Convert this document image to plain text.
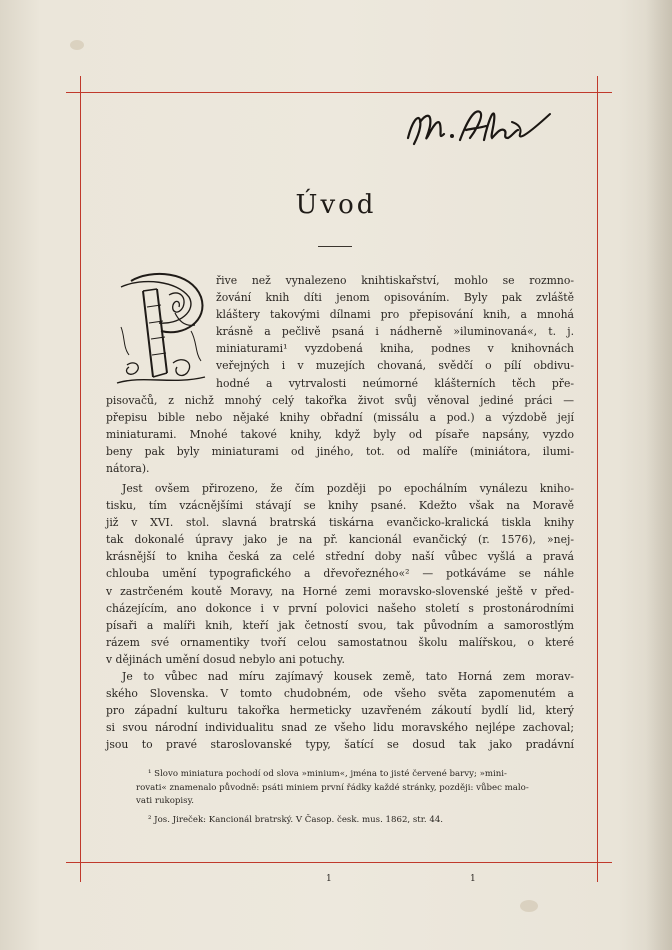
Úvod

řive než vynalezeno knihtiskařství, mohlo se rozmno-
žování knih díti jenom opisováním. Byly pak zvláště
kláštery takovými dílnami pro přepisování knih, a mnohá
krásně a pečlivě psaná i nádherně »iluminovaná«, t. j.
miniaturami¹ vyzdobená kniha, podnes v knihovnách
veřejných i v muzejích chovaná, svědčí o pílí obdivu-
hodné a vytrvalosti neúmorné klášterních těch pře-
pisovačů, z nichž mnohý celý takořka život svůj věnoval jediné práci —
přepisu bible nebo nějaké knihy obřadní (missálu a pod.) a výzdobě její
miniaturami. Mnohé takové knihy, když byly od písaře napsány, vyzdo
beny pak byly miniaturami od jiného, tot. od malíře (miniátora, ilumi-
nátora).

Jest ovšem přirozeno, že čím později po epochálním vynálezu kniho-
tisku, tím vzácnějšími stávají se knihy psané. Kdežto však na Moravě
již v XVI. stol. slavná bratrská tiskárna evančicko-kralická tiskla knihy
tak dokonalé úpravy jako je na př. kancionál evančický (r. 1576), »nej-
krásnější to kniha česká za celé střední doby naší vůbec vyšlá a pravá
chlouba umění typografického a dřevořezného«² — potkáváme se náhle
v zastrčeném koutě Moravy, na Horné zemi moravsko-slovenské ještě v před-
cházejícím, ano dokonce i v první polovici našeho století s prostonárodními
písaři a malíři knih, kteří jak četností svou, tak původním a samorostlým
rázem své ornamentiky tvoří celou samostatnou školu malířskou, o které
v dějinách umění dosud nebylo ani potuchy.

Je to vůbec nad míru zajímavý kousek země, tato Horná zem morav-
ského Slovenska. V tomto chudobném, ode všeho světa zapomenutém a
pro západní kulturu takořka hermeticky uzavřeném zákoutí bydlí lid, který
si svou národní individualitu snad ze všeho lidu moravského nejlépe zachoval;
jsou to pravé staroslovanské typy, šatící se dosud tak jako pradávní

¹ Slovo miniatura pochodí od slova »minium«, jména to jisté červené barvy; »mini-
rovati« znamenalo původně: psáti miniem první řádky každé stránky, později: vůbec malo-
vati rukopisy.
² Jos. Jireček: Kancionál bratrský. V Časop. česk. mus. 1862, str. 44.
1	1
